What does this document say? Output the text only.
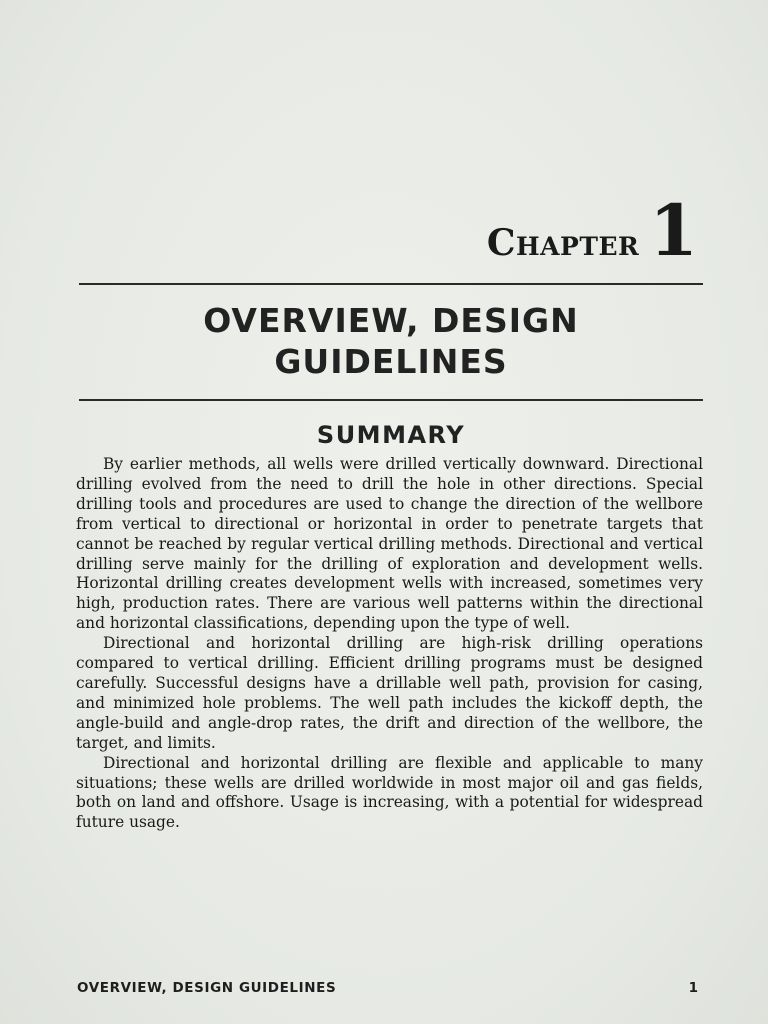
Chapter 1
OVERVIEW, DESIGN
GUIDELINES
SUMMARY

By earlier methods, all wells were drilled vertically downward. Directional drilling evolved from the need to drill the hole in other directions. Special drilling tools and procedures are used to change the direction of the wellbore from vertical to directional or horizontal in order to penetrate targets that cannot be reached by regular vertical drilling methods. Directional and vertical drilling serve mainly for the drilling of exploration and development wells. Horizontal drilling creates development wells with increased, sometimes very high, production rates. There are various well patterns within the directional and horizontal classifications, depending upon the type of well.

Directional and horizontal drilling are high-risk drilling operations compared to vertical drilling. Efficient drilling programs must be designed carefully. Successful designs have a drillable well path, provision for casing, and minimized hole problems. The well path includes the kickoff depth, the angle-build and angle-drop rates, the drift and direction of the wellbore, the target, and limits.

Directional and horizontal drilling are flexible and applicable to many situations; these wells are drilled worldwide in most major oil and gas fields, both on land and offshore. Usage is increasing, with a potential for widespread future usage.

OVERVIEW, DESIGN GUIDELINES	1
